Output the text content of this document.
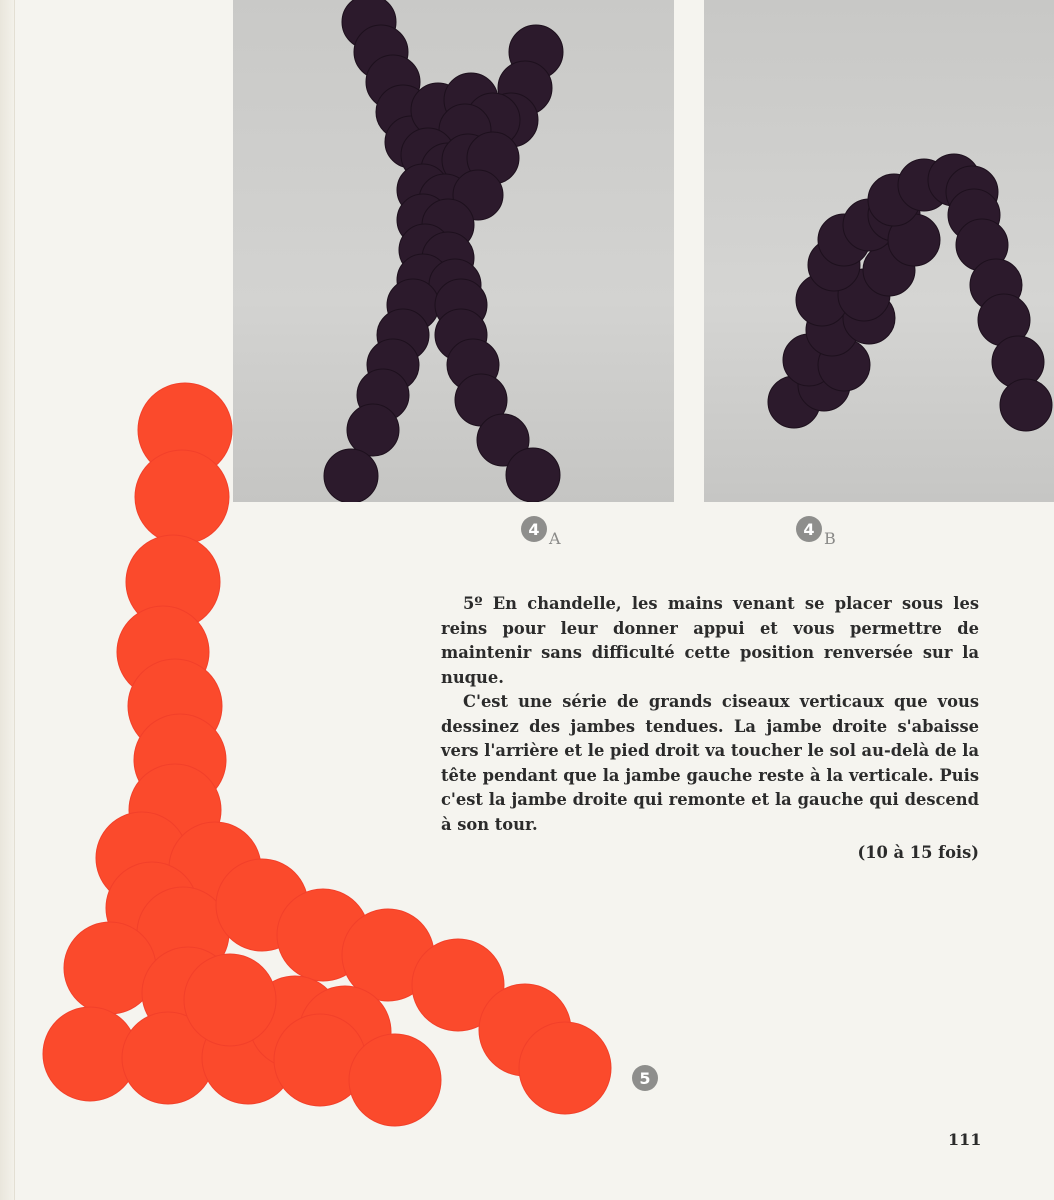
4 A	4 B
5

5º En chandelle, les mains venant se placer sous les reins pour leur donner appui et vous permettre de maintenir sans difficulté cette position renversée sur la nuque.

C'est une série de grands ciseaux verticaux que vous dessinez des jambes tendues. La jambe droite s'abaisse vers l'arrière et le pied droit va toucher le sol au-delà de la tête pendant que la jambe gauche reste à la verticale. Puis c'est la jambe droite qui remonte et la gauche qui descend à son tour.

(10 à 15 fois)

111
